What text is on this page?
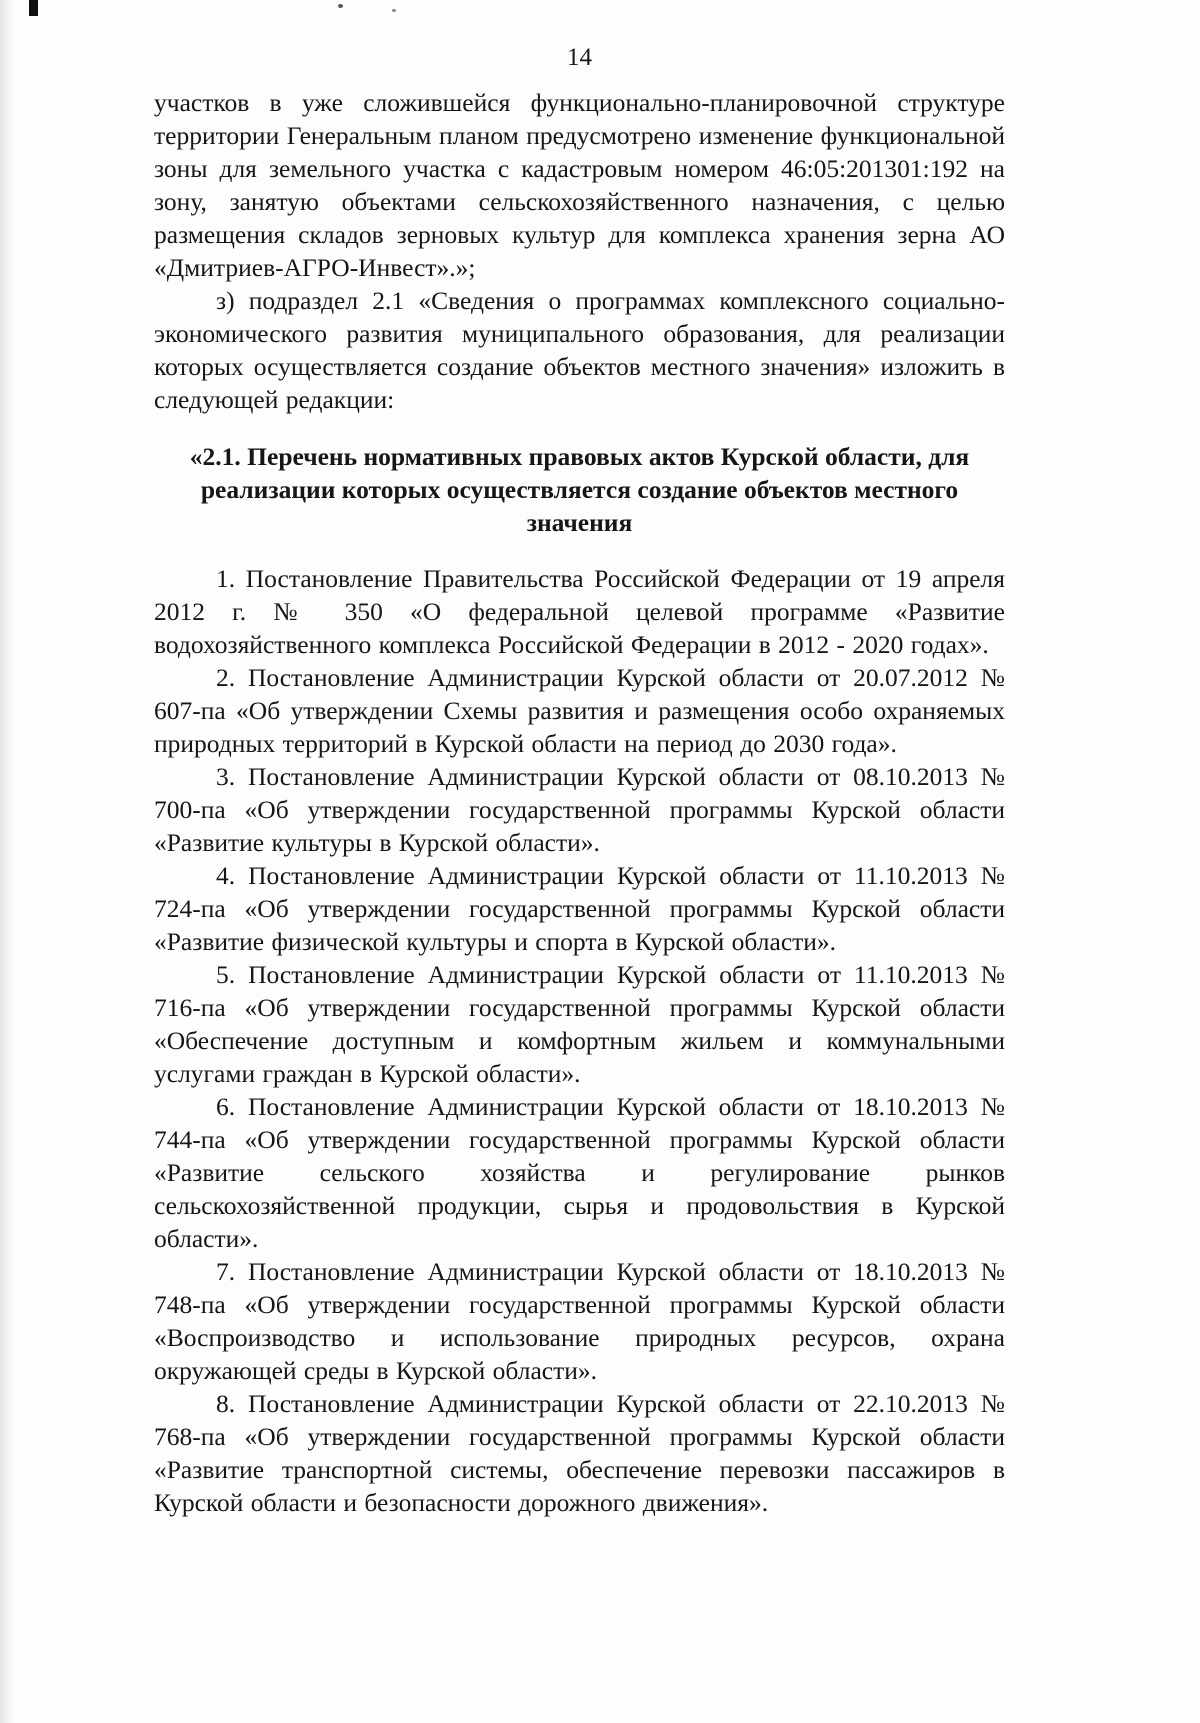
14

участков в уже сложившейся функционально-планировочной структуре территории Генеральным планом предусмотрено изменение функциональной зоны для земельного участка с кадастровым номером 46:05:201301:192 на зону, занятую объектами сельскохозяйственного назначения, с целью размещения складов зерновых культур для комплекса хранения зерна АО «Дмитриев-АГРО-Инвест».»;

з) подраздел 2.1 «Сведения о программах комплексного социально-экономического развития муниципального образования, для реализации которых осуществляется создание объектов местного значения» изложить в следующей редакции:

«2.1. Перечень нормативных правовых актов Курской области, для реализации которых осуществляется создание объектов местного значения

1. Постановление Правительства Российской Федерации от 19 апреля 2012 г. № 350 «О федеральной целевой программе «Развитие водохозяйственного комплекса Российской Федерации в 2012 - 2020 годах».

2. Постановление Администрации Курской области от 20.07.2012 № 607-па «Об утверждении Схемы развития и размещения особо охраняемых природных территорий в Курской области на период до 2030 года».

3. Постановление Администрации Курской области от 08.10.2013 № 700-па «Об утверждении государственной программы Курской области «Развитие культуры в Курской области».

4. Постановление Администрации Курской области от 11.10.2013 № 724-па «Об утверждении государственной программы Курской области «Развитие физической культуры и спорта в Курской области».

5. Постановление Администрации Курской области от 11.10.2013 № 716-па «Об утверждении государственной программы Курской области «Обеспечение доступным и комфортным жильем и коммунальными услугами граждан в Курской области».

6. Постановление Администрации Курской области от 18.10.2013 № 744-па «Об утверждении государственной программы Курской области «Развитие сельского хозяйства и регулирование рынков сельскохозяйственной продукции, сырья и продовольствия в Курской области».

7. Постановление Администрации Курской области от 18.10.2013 № 748-па «Об утверждении государственной программы Курской области «Воспроизводство и использование природных ресурсов, охрана окружающей среды в Курской области».

8. Постановление Администрации Курской области от 22.10.2013 № 768-па «Об утверждении государственной программы Курской области «Развитие транспортной системы, обеспечение перевозки пассажиров в Курской области и безопасности дорожного движения».
